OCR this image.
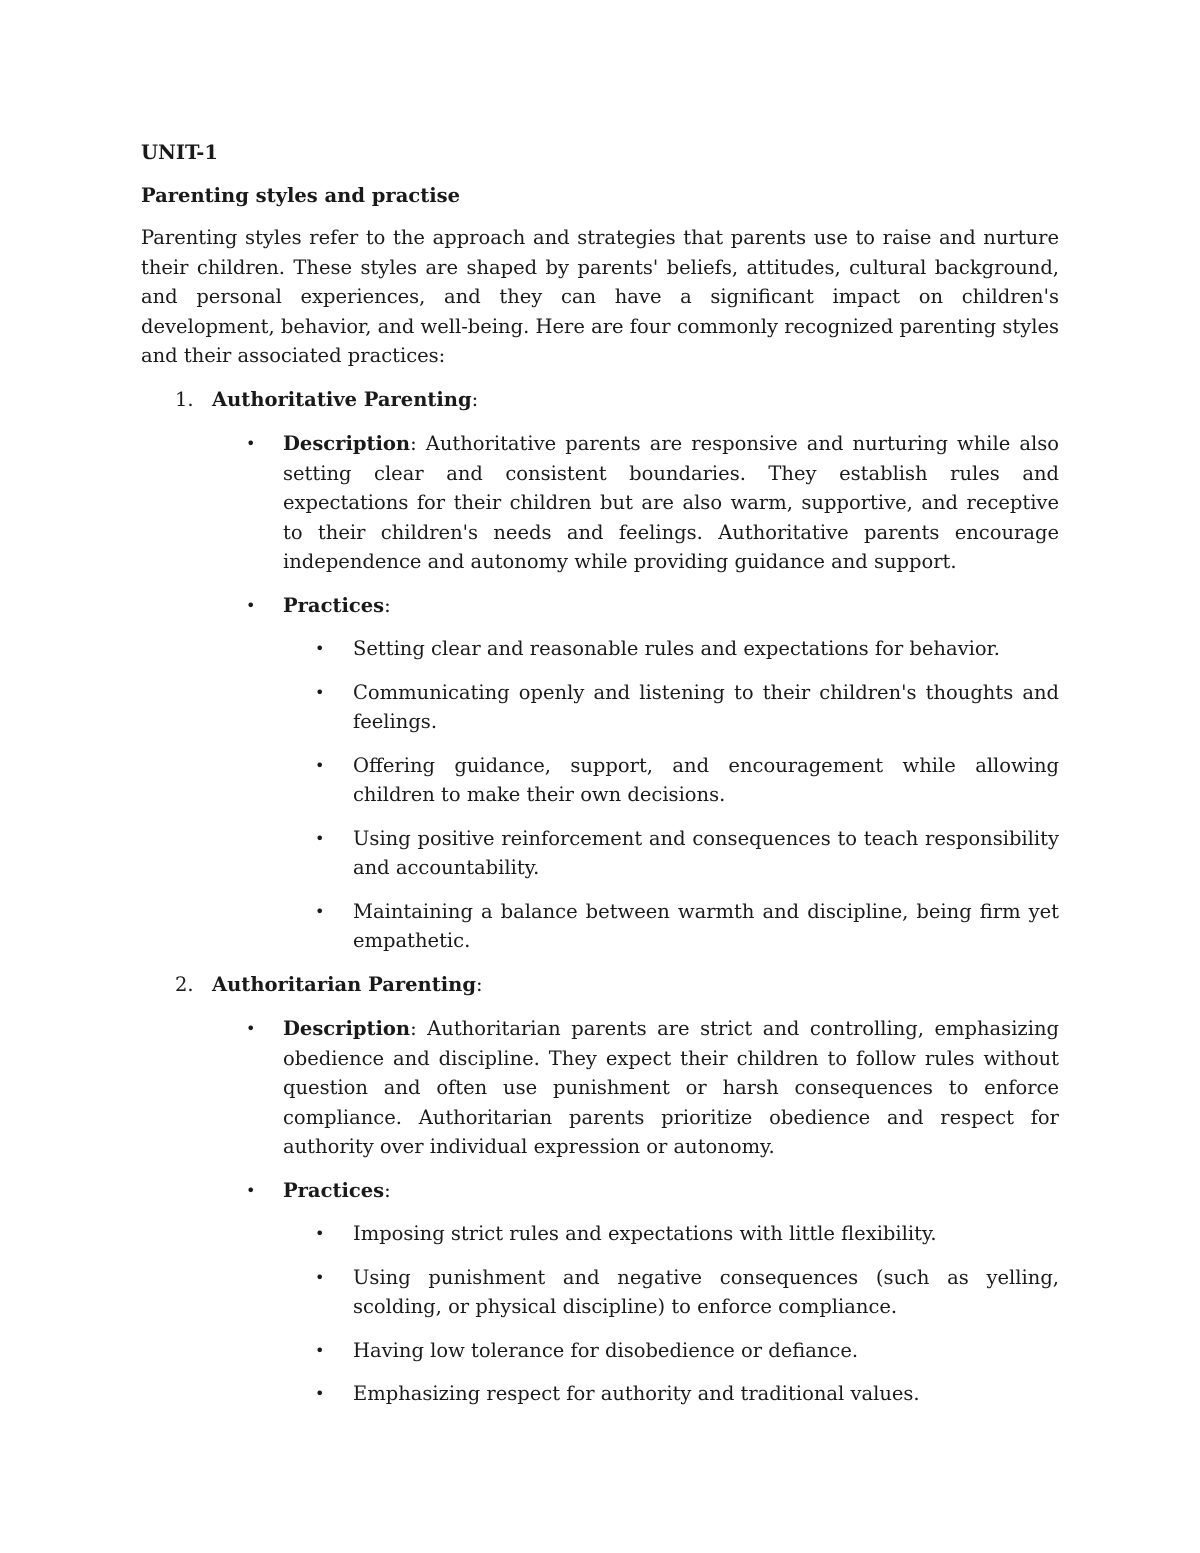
UNIT-1

Parenting styles and practise

Parenting styles refer to the approach and strategies that parents use to raise and nurture their children. These styles are shaped by parents' beliefs, attitudes, cultural background, and personal experiences, and they can have a significant impact on children's development, behavior, and well-being. Here are four commonly recognized parenting styles and their associated practices:

1. Authoritative Parenting:
• Description: Authoritative parents are responsive and nurturing while also setting clear and consistent boundaries. They establish rules and expectations for their children but are also warm, supportive, and receptive to their children's needs and feelings. Authoritative parents encourage independence and autonomy while providing guidance and support.
• Practices:
• Setting clear and reasonable rules and expectations for behavior.
• Communicating openly and listening to their children's thoughts and feelings.
• Offering guidance, support, and encouragement while allowing children to make their own decisions.
• Using positive reinforcement and consequences to teach responsibility and accountability.
• Maintaining a balance between warmth and discipline, being firm yet empathetic.
2. Authoritarian Parenting:
• Description: Authoritarian parents are strict and controlling, emphasizing obedience and discipline. They expect their children to follow rules without question and often use punishment or harsh consequences to enforce compliance. Authoritarian parents prioritize obedience and respect for authority over individual expression or autonomy.
• Practices:
• Imposing strict rules and expectations with little flexibility.
• Using punishment and negative consequences (such as yelling, scolding, or physical discipline) to enforce compliance.
• Having low tolerance for disobedience or defiance.
• Emphasizing respect for authority and traditional values.
